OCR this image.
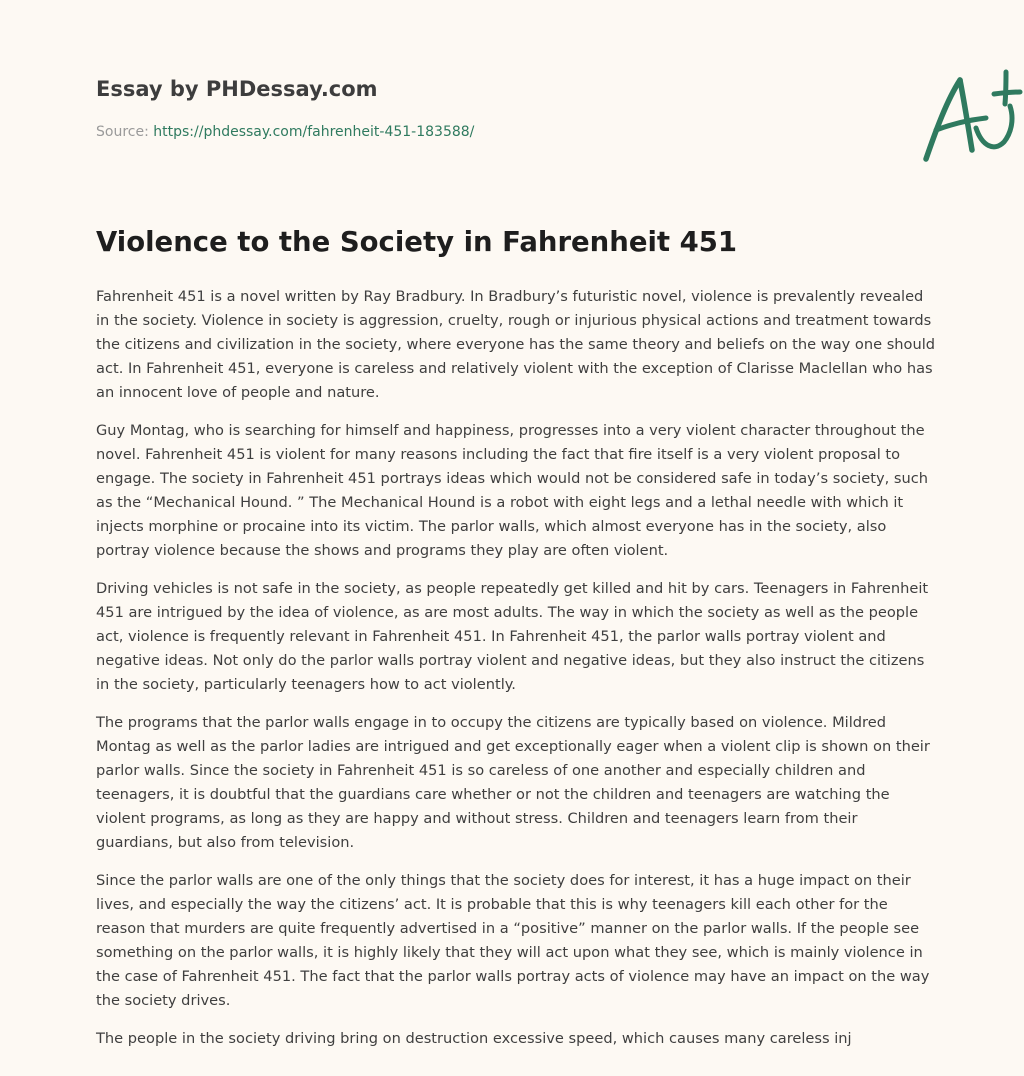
Essay by PHDessay.com
Source: https://phdessay.com/fahrenheit-451-183588/
Violence to the Society in Fahrenheit 451

Fahrenheit 451 is a novel written by Ray Bradbury. In Bradbury’s futuristic novel, violence is prevalently revealed in the society. Violence in society is aggression, cruelty, rough or injurious physical actions and treatment towards the citizens and civilization in the society, where everyone has the same theory and beliefs on the way one should act. In Fahrenheit 451, everyone is careless and relatively violent with the exception of Clarisse Maclellan who has an innocent love of people and nature.

Guy Montag, who is searching for himself and happiness, progresses into a very violent character throughout the novel. Fahrenheit 451 is violent for many reasons including the fact that fire itself is a very violent proposal to engage. The society in Fahrenheit 451 portrays ideas which would not be considered safe in today’s society, such as the “Mechanical Hound. ” The Mechanical Hound is a robot with eight legs and a lethal needle with which it injects morphine or procaine into its victim. The parlor walls, which almost everyone has in the society, also portray violence because the shows and programs they play are often violent.

Driving vehicles is not safe in the society, as people repeatedly get killed and hit by cars. Teenagers in Fahrenheit 451 are intrigued by the idea of violence, as are most adults. The way in which the society as well as the people act, violence is frequently relevant in Fahrenheit 451. In Fahrenheit 451, the parlor walls portray violent and negative ideas. Not only do the parlor walls portray violent and negative ideas, but they also instruct the citizens in the society, particularly teenagers how to act violently.

The programs that the parlor walls engage in to occupy the citizens are typically based on violence. Mildred Montag as well as the parlor ladies are intrigued and get exceptionally eager when a violent clip is shown on their parlor walls. Since the society in Fahrenheit 451 is so careless of one another and especially children and teenagers, it is doubtful that the guardians care whether or not the children and teenagers are watching the violent programs, as long as they are happy and without stress. Children and teenagers learn from their guardians, but also from television.

Since the parlor walls are one of the only things that the society does for interest, it has a huge impact on their lives, and especially the way the citizens’ act. It is probable that this is why teenagers kill each other for the reason that murders are quite frequently advertised in a “positive” manner on the parlor walls. If the people see something on the parlor walls, it is highly likely that they will act upon what they see, which is mainly violence in the case of Fahrenheit 451. The fact that the parlor walls portray acts of violence may have an impact on the way the society drives.

The people in the society driving bring on destruction excessive speed, which causes many careless inj
